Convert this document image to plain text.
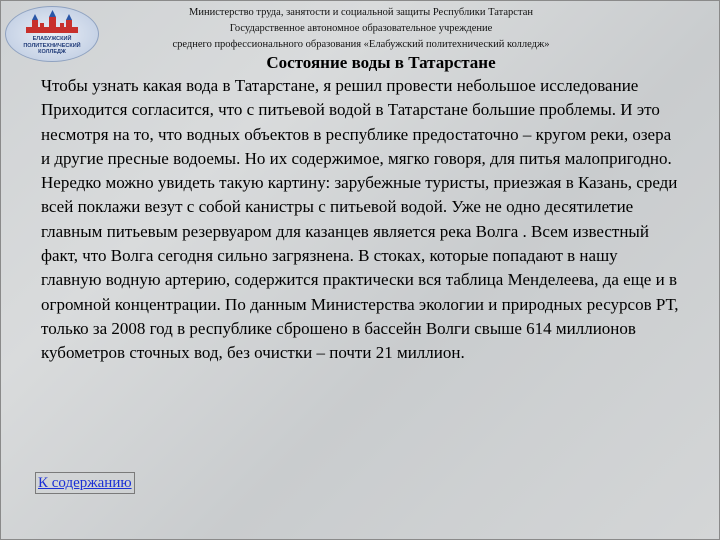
ЕЛАБУЖСКИЙ
ПОЛИТЕХНИЧЕСКИЙ
КОЛЛЕДЖ
Министерство труда, занятости и социальной защиты Республики Татарстан
Государственное автономное образовательное учреждение
среднего профессионального образования «Елабужский политехнический колледж»
Состояние воды в Татарстане

Чтобы узнать какая вода в Татарстане, я решил провести небольшое исследование

Приходится согласится, что с питьевой водой в Татарстане большие проблемы. И это несмотря на то, что водных объектов в республике предостаточно – кругом реки, озера и другие пресные водоемы. Но их содержимое, мягко говоря, для питья малопригодно. Нередко можно увидеть такую картину: зарубежные туристы, приезжая в Казань, среди всей поклажи везут с собой канистры с питьевой водой. Уже не одно десятилетие главным питьевым резервуаром для казанцев является река Волга . Всем известный факт, что Волга сегодня сильно загрязнена. В стоках, которые попадают в нашу главную водную артерию, содержится практически вся таблица Менделеева, да еще и в огромной концентрации. По данным Министерства экологии и природных ресурсов РТ, только за 2008 год в республике сброшено в бассейн Волги свыше 614 миллионов кубометров сточных вод, без очистки – почти 21 миллион.

К содержанию
